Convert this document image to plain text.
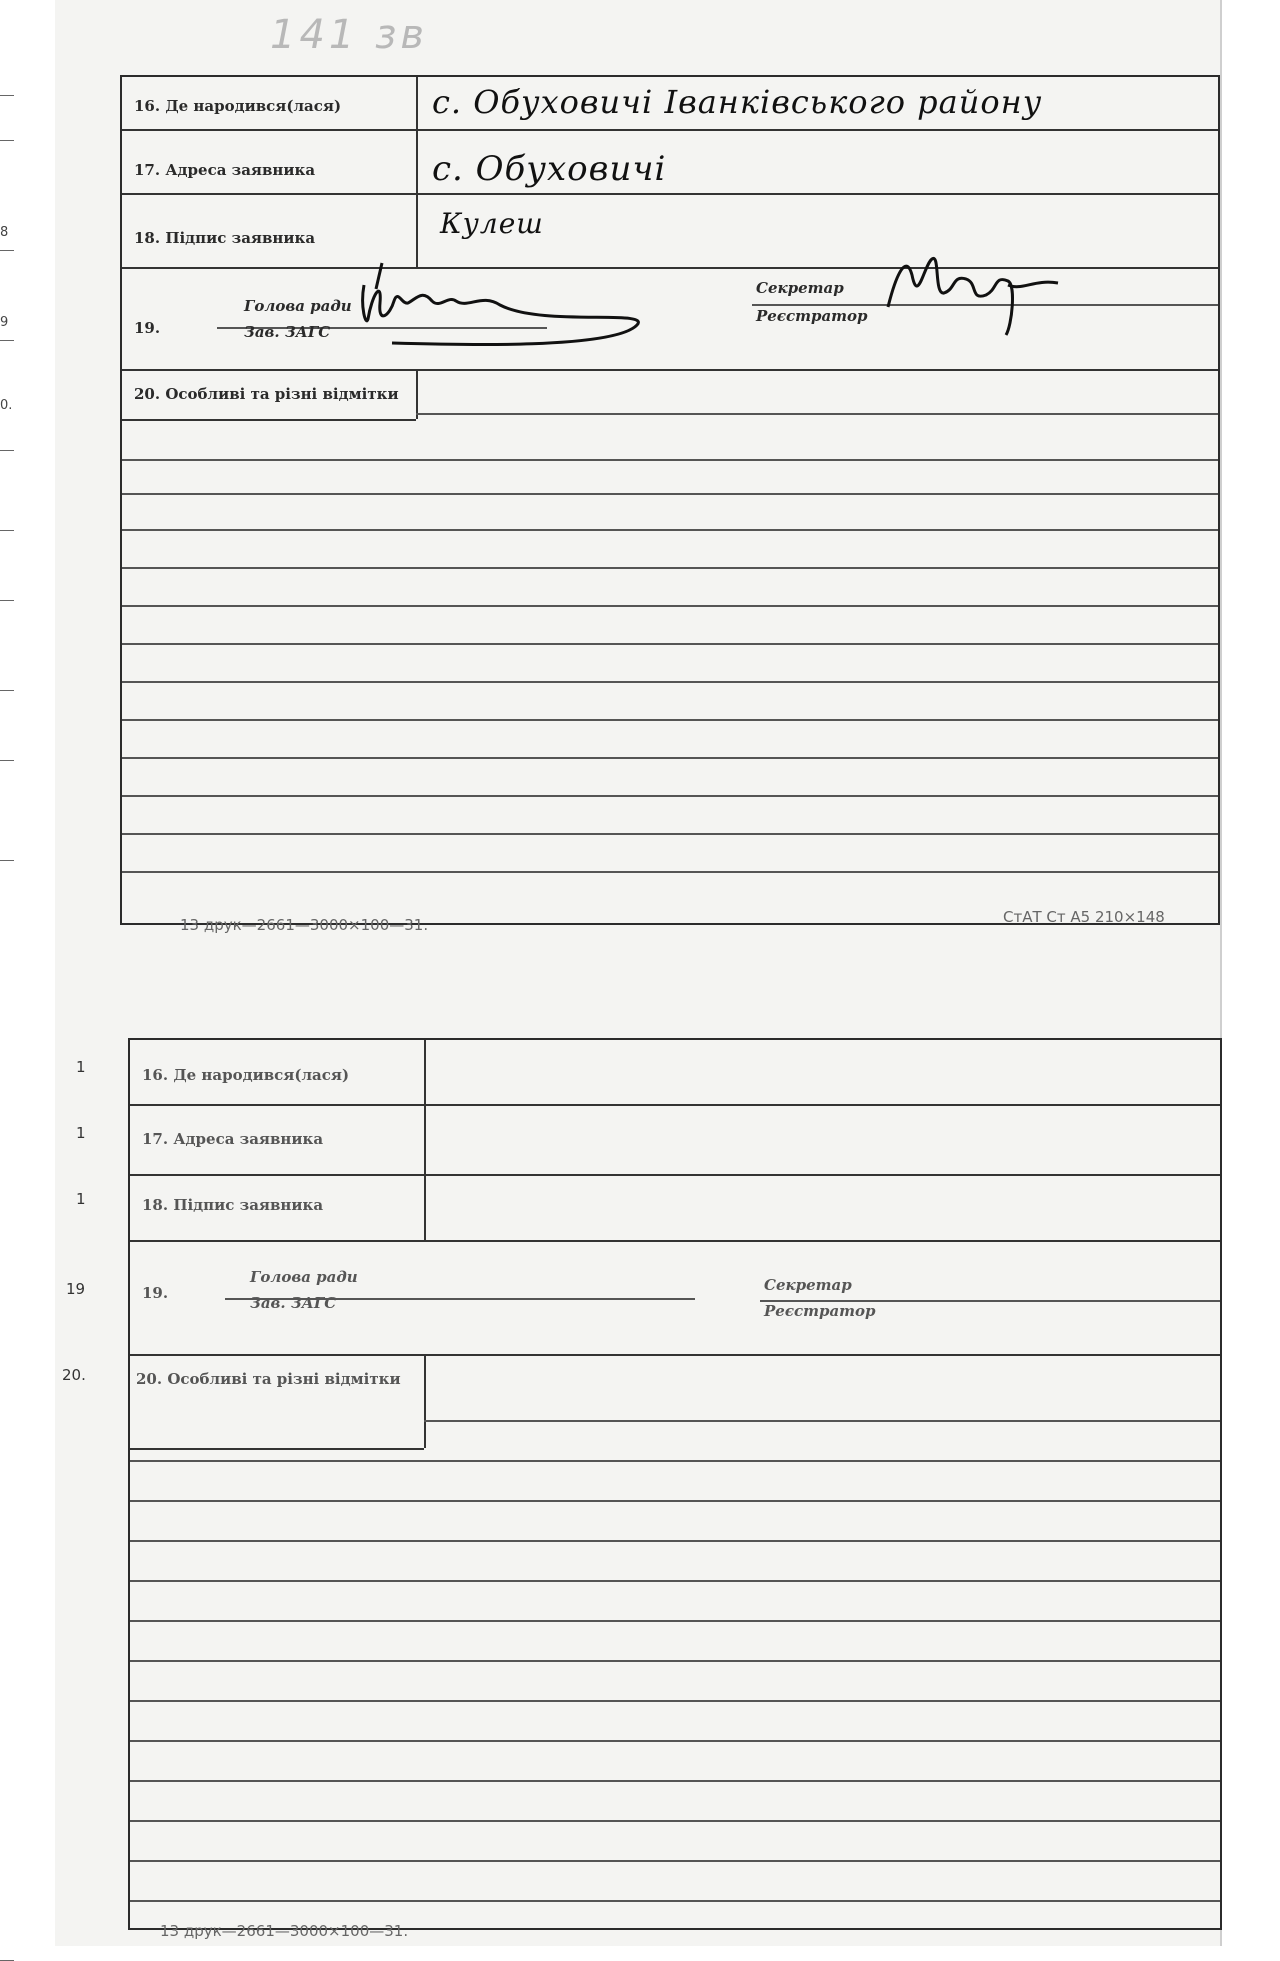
8
9
0.
141 зв
16. Де народився(лася)
17. Адреса заявника
18. Підпис заявника
19.
Голова ради
Зав. ЗАГС
Секретар
Реєстратор
20. Особливі та різні відмітки
с. Обуховичі Іванківського району
с. Обуховичі
Кулеш
13 друк—2661—3000×100—31.	СтАТ Ст А5 210×148
1
1
1
19
20.
16. Де народився(лася)
17. Адреса заявника
18. Підпис заявника
19.
Голова ради
Зав. ЗАГС
Секретар
Реєстратор
20. Особливі та різні відмітки
13 друк—2661—3000×100—31.
